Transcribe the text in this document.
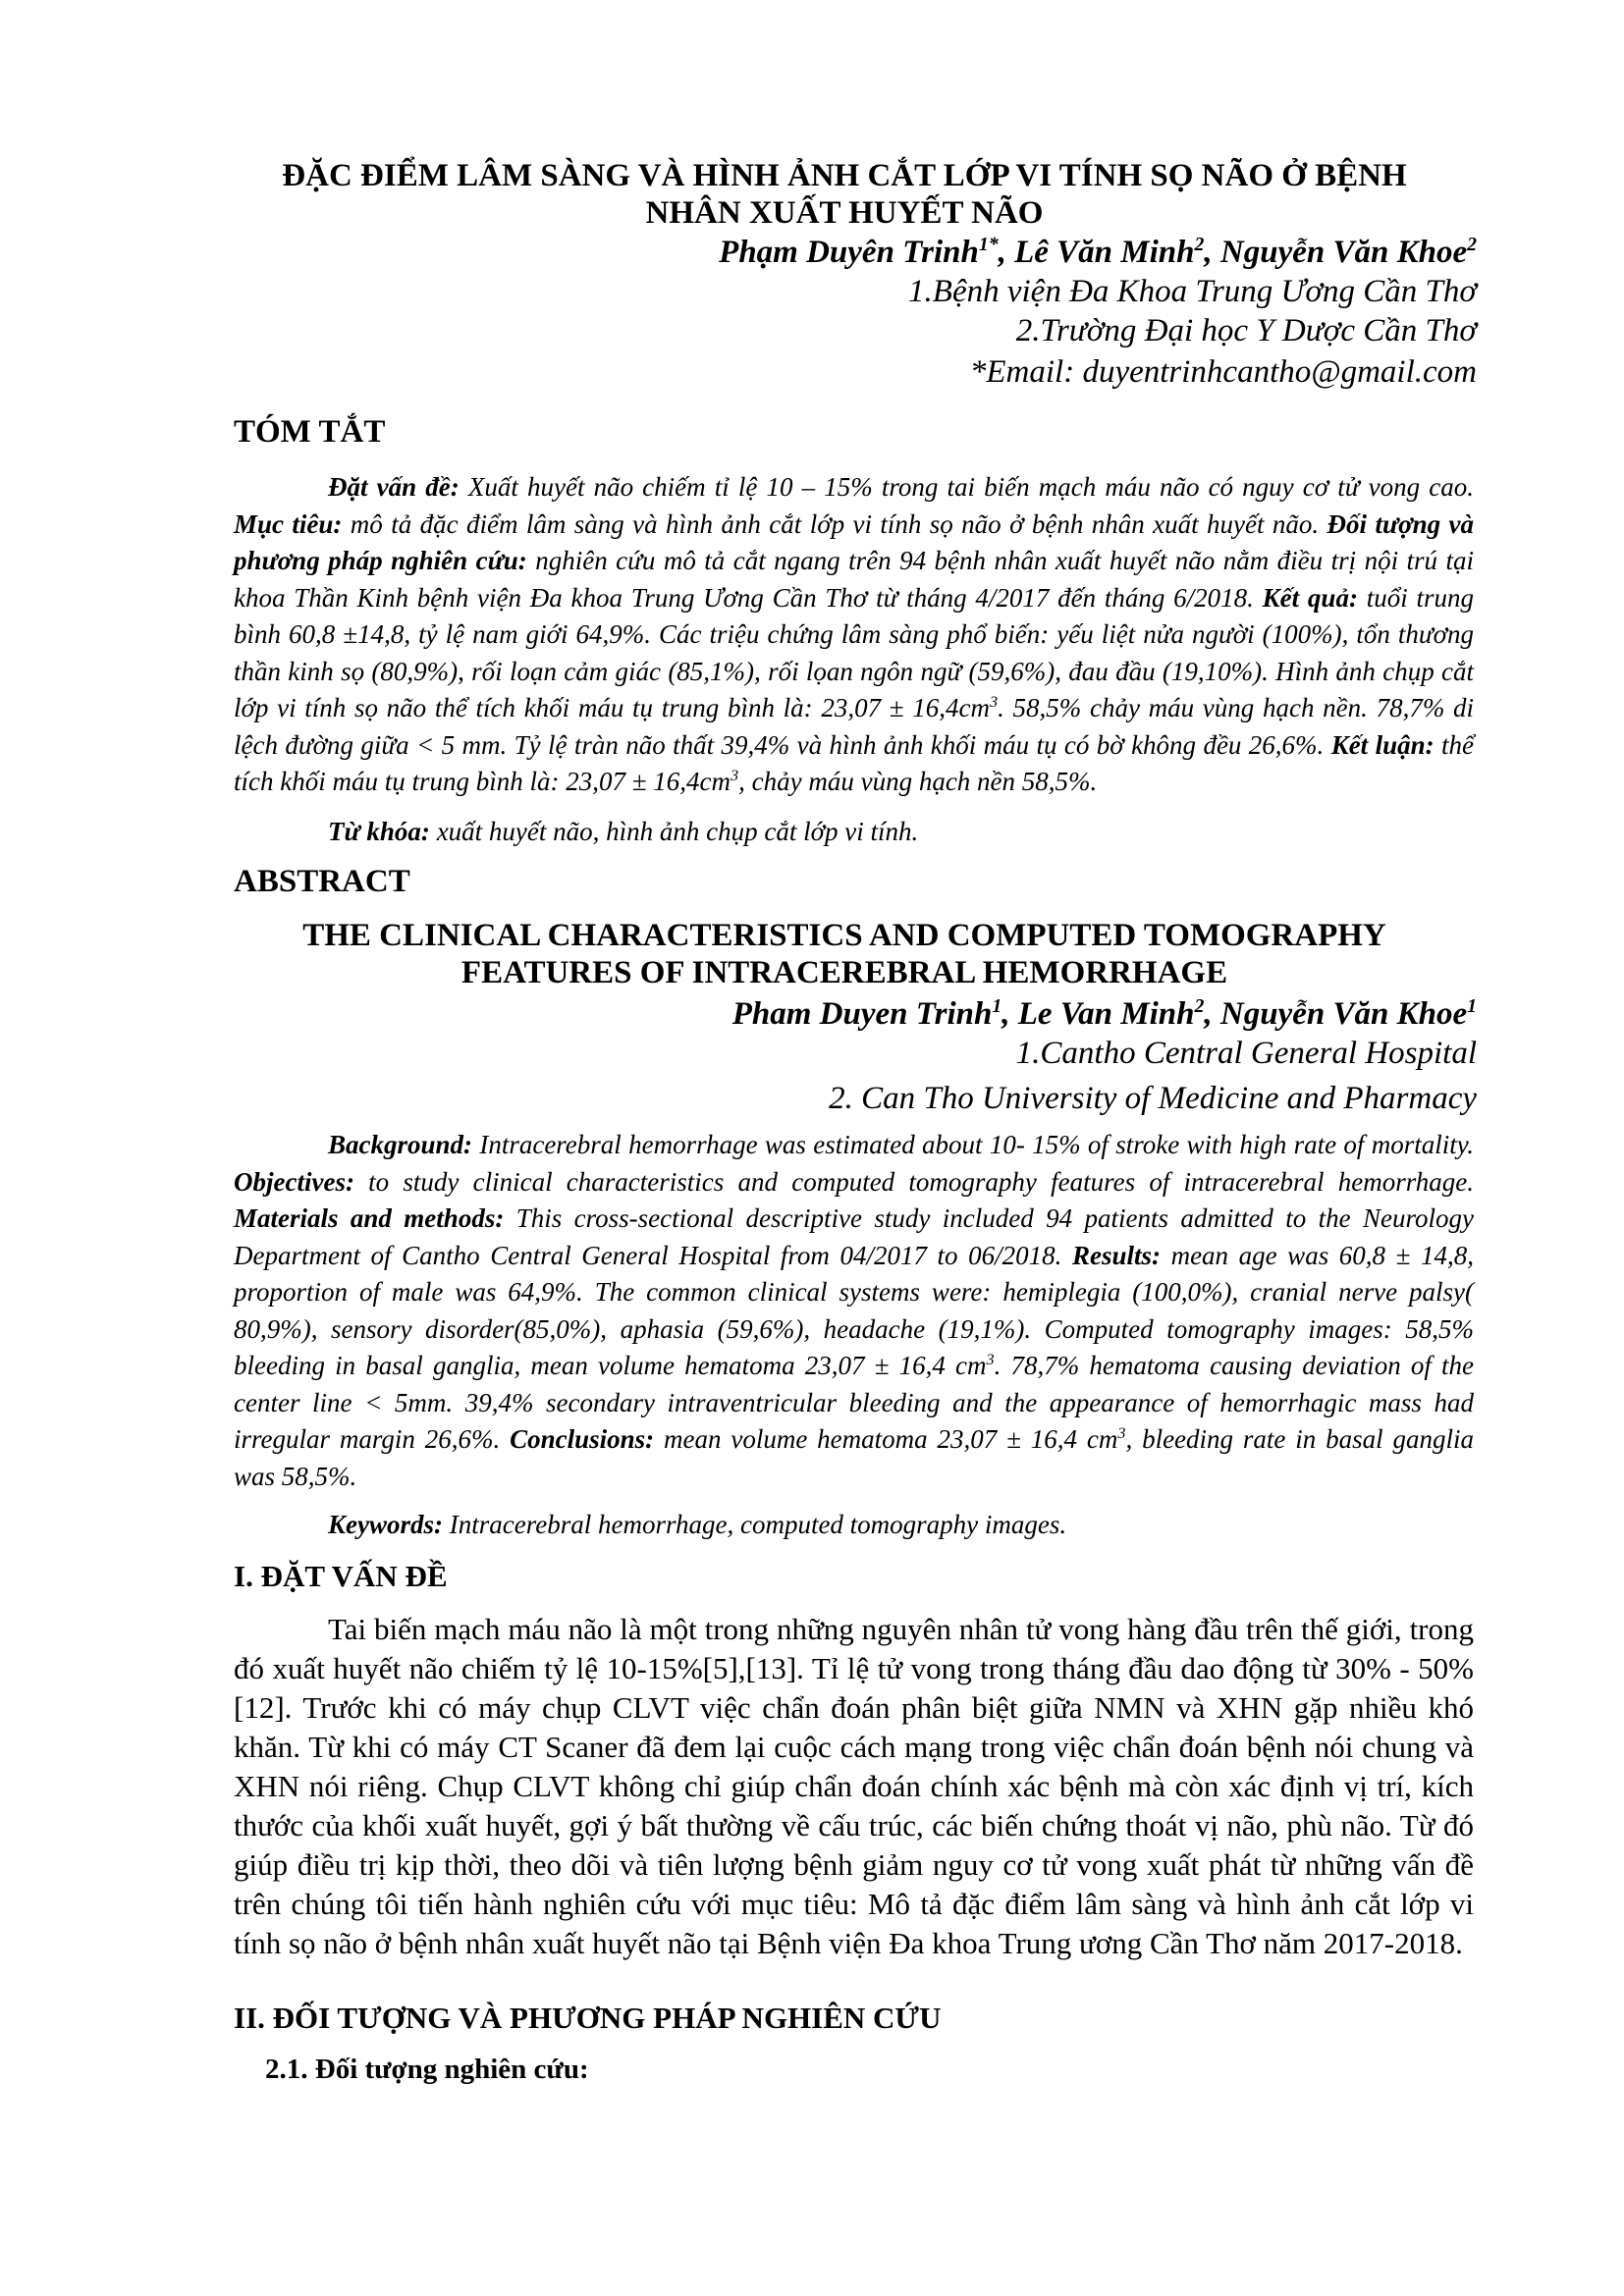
ĐẶC ĐIỂM LÂM SÀNG VÀ HÌNH ẢNH CẮT LỚP VI TÍNH SỌ NÃO Ở BỆNH
NHÂN XUẤT HUYẾT NÃO
Phạm Duyên Trinh$^{1*}$, Lê Văn Minh$^2$, Nguyễn Văn Khoe$^2$
1.Bệnh viện Đa Khoa Trung Ương Cần Thơ
2.Trường Đại học Y Dược Cần Thơ
*Email: duyentrinhcantho@gmail.com
TÓM TẮT
Đặt vấn đề: Xuất huyết não chiếm tỉ lệ 10 – 15% trong tai biến mạch máu não có nguy cơ tử vong cao. Mục tiêu: mô tả đặc điểm lâm sàng và hình ảnh cắt lớp vi tính sọ não ở bệnh nhân xuất huyết não. Đối tượng và phương pháp nghiên cứu: nghiên cứu mô tả cắt ngang trên 94 bệnh nhân xuất huyết não nằm điều trị nội trú tại khoa Thần Kinh bệnh viện Đa khoa Trung Ương Cần Thơ từ tháng 4/2017 đến tháng 6/2018. Kết quả: tuổi trung bình 60,8 ±14,8, tỷ lệ nam giới 64,9%. Các triệu chứng lâm sàng phổ biến: yếu liệt nửa người (100%), tổn thương thần kinh sọ (80,9%), rối loạn cảm giác (85,1%), rối lọan ngôn ngữ (59,6%), đau đầu (19,10%). Hình ảnh chụp cắt lớp vi tính sọ não thể tích khối máu tụ trung bình là: $23,07 \pm 16,4cm^3$. 58,5% chảy máu vùng hạch nền. 78,7% di lệch đường giữa < 5 mm. Tỷ lệ tràn não thất 39,4% và hình ảnh khối máu tụ có bờ không đều 26,6%. Kết luận: thể tích khối máu tụ trung bình là: $23,07 \pm 16,4cm^3$, chảy máu vùng hạch nền 58,5%.
Từ khóa: xuất huyết não, hình ảnh chụp cắt lớp vi tính.
ABSTRACT
THE CLINICAL CHARACTERISTICS AND COMPUTED TOMOGRAPHY
FEATURES OF INTRACEREBRAL HEMORRHAGE
Pham Duyen Trinh$^1$, Le Van Minh$^2$, Nguyễn Văn Khoe$^1$
1.Cantho Central General Hospital
2. Can Tho University of Medicine and Pharmacy
Background: Intracerebral hemorrhage was estimated about 10- 15% of stroke with high rate of mortality. Objectives: to study clinical characteristics and computed tomography features of intracerebral hemorrhage. Materials and methods: This cross-sectional descriptive study included 94 patients admitted to the Neurology Department of Cantho Central General Hospital from 04/2017 to 06/2018. Results: mean age was 60,8 ± 14,8, proportion of male was 64,9%. The common clinical systems were: hemiplegia (100,0%), cranial nerve palsy( 80,9%), sensory disorder(85,0%), aphasia (59,6%), headache (19,1%). Computed tomography images: 58,5% bleeding in basal ganglia, mean volume hematoma 23,07 ± 16,4 $cm^3$. 78,7% hematoma causing deviation of the center line < 5mm. 39,4% secondary intraventricular bleeding and the appearance of hemorrhagic mass had irregular margin 26,6%. Conclusions: mean volume hematoma 23,07 ± 16,4 $cm^3$, bleeding rate in basal ganglia was 58,5%.
Keywords: Intracerebral hemorrhage, computed tomography images.
I. ĐẶT VẤN ĐỀ
Tai biến mạch máu não là một trong những nguyên nhân tử vong hàng đầu trên thế giới, trong đó xuất huyết não chiếm tỷ lệ 10-15%[5],[13]. Tỉ lệ tử vong trong tháng đầu dao động từ 30% - 50% [12]. Trước khi có máy chụp CLVT việc chẩn đoán phân biệt giữa NMN và XHN gặp nhiều khó khăn. Từ khi có máy CT Scaner đã đem lại cuộc cách mạng trong việc chẩn đoán bệnh nói chung và XHN nói riêng. Chụp CLVT không chỉ giúp chẩn đoán chính xác bệnh mà còn xác định vị trí, kích thước của khối xuất huyết, gợi ý bất thường về cấu trúc, các biến chứng thoát vị não, phù não. Từ đó giúp điều trị kịp thời, theo dõi và tiên lượng bệnh giảm nguy cơ tử vong xuất phát từ những vấn đề trên chúng tôi tiến hành nghiên cứu với mục tiêu: Mô tả đặc điểm lâm sàng và hình ảnh cắt lớp vi tính sọ não ở bệnh nhân xuất huyết não tại Bệnh viện Đa khoa Trung ương Cần Thơ năm 2017-2018.
II. ĐỐI TƯỢNG VÀ PHƯƠNG PHÁP NGHIÊN CỨU
2.1. Đối tượng nghiên cứu:
